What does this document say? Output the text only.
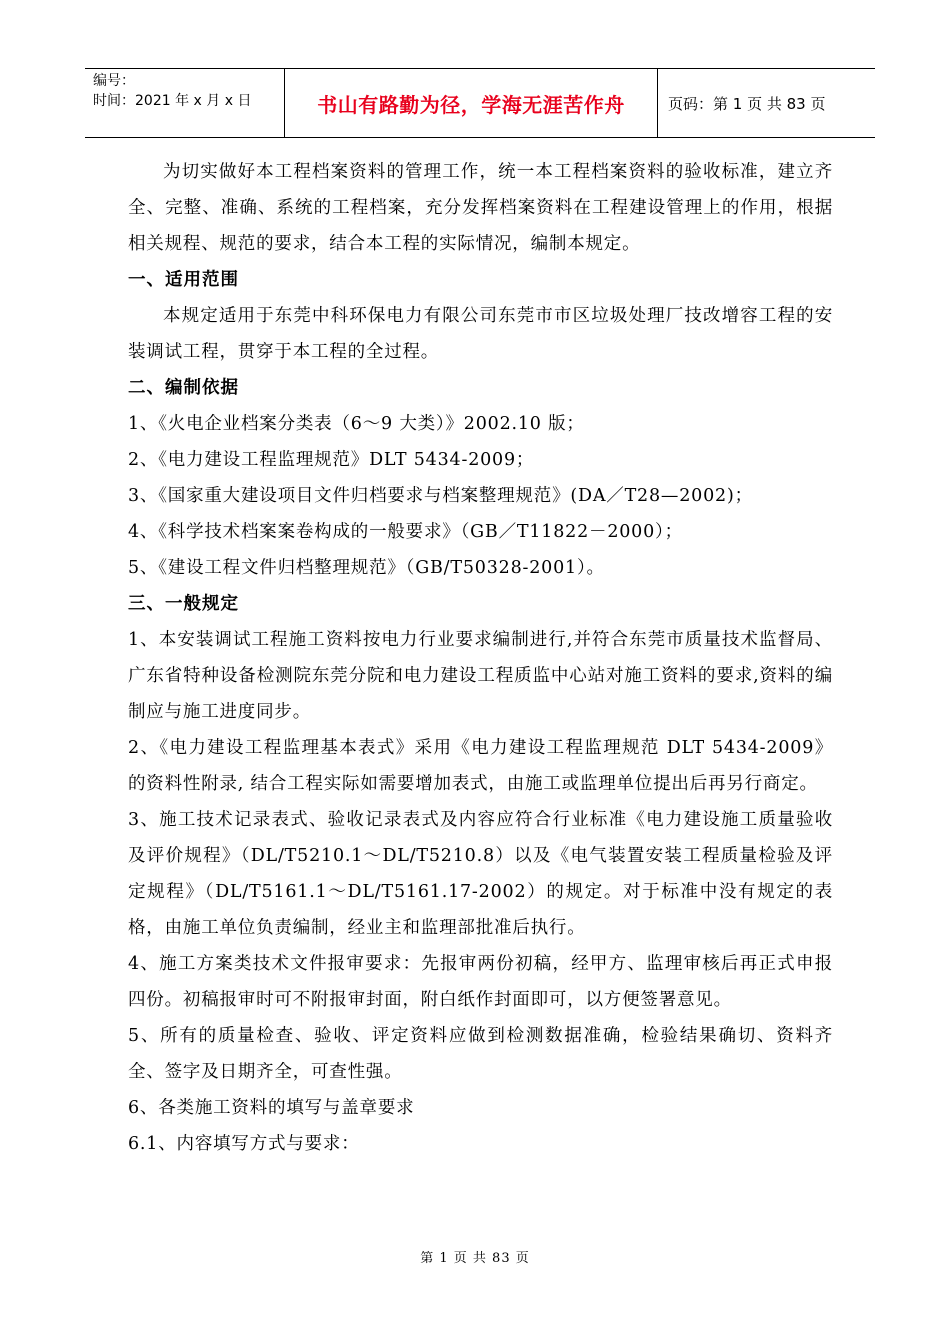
编号：
时间：2021 年 x 月 x 日	书山有路勤为径，学海无涯苦作舟	页码：第 1 页 共 83 页

为切实做好本工程档案资料的管理工作，统一本工程档案资料的验收标准，建立齐全、完整、准确、系统的工程档案，充分发挥档案资料在工程建设管理上的作用，根据相关规程、规范的要求，结合本工程的实际情况，编制本规定。

一、适用范围

本规定适用于东莞中科环保电力有限公司东莞市市区垃圾处理厂技改增容工程的安装调试工程，贯穿于本工程的全过程。

二、编制依据

1、《火电企业档案分类表（6～9 大类）》2002.10 版；

2、《电力建设工程监理规范》DLT 5434-2009；

3、《国家重大建设项目文件归档要求与档案整理规范》(DA／T28—2002)；

4、《科学技术档案案卷构成的一般要求》（GB／T11822－2000）；

5、《建设工程文件归档整理规范》（GB/T50328-2001）。

三、一般规定

1、本安装调试工程施工资料按电力行业要求编制进行,并符合东莞市质量技术监督局、广东省特种设备检测院东莞分院和电力建设工程质监中心站对施工资料的要求,资料的编制应与施工进度同步。

2、《电力建设工程监理基本表式》采用《电力建设工程监理规范 DLT 5434-2009》的资料性附录, 结合工程实际如需要增加表式，由施工或监理单位提出后再另行商定。

3、施工技术记录表式、验收记录表式及内容应符合行业标准《电力建设施工质量验收及评价规程》（DL/T5210.1～DL/T5210.8）以及《电气装置安装工程质量检验及评定规程》（DL/T5161.1～DL/T5161.17-2002）的规定。对于标准中没有规定的表格，由施工单位负责编制，经业主和监理部批准后执行。

4、施工方案类技术文件报审要求：先报审两份初稿，经甲方、监理审核后再正式申报四份。初稿报审时可不附报审封面，附白纸作封面即可，以方便签署意见。

5、所有的质量检查、验收、评定资料应做到检测数据准确，检验结果确切、资料齐全、签字及日期齐全，可查性强。

6、各类施工资料的填写与盖章要求

6.1、内容填写方式与要求：

第 1 页 共 83 页
